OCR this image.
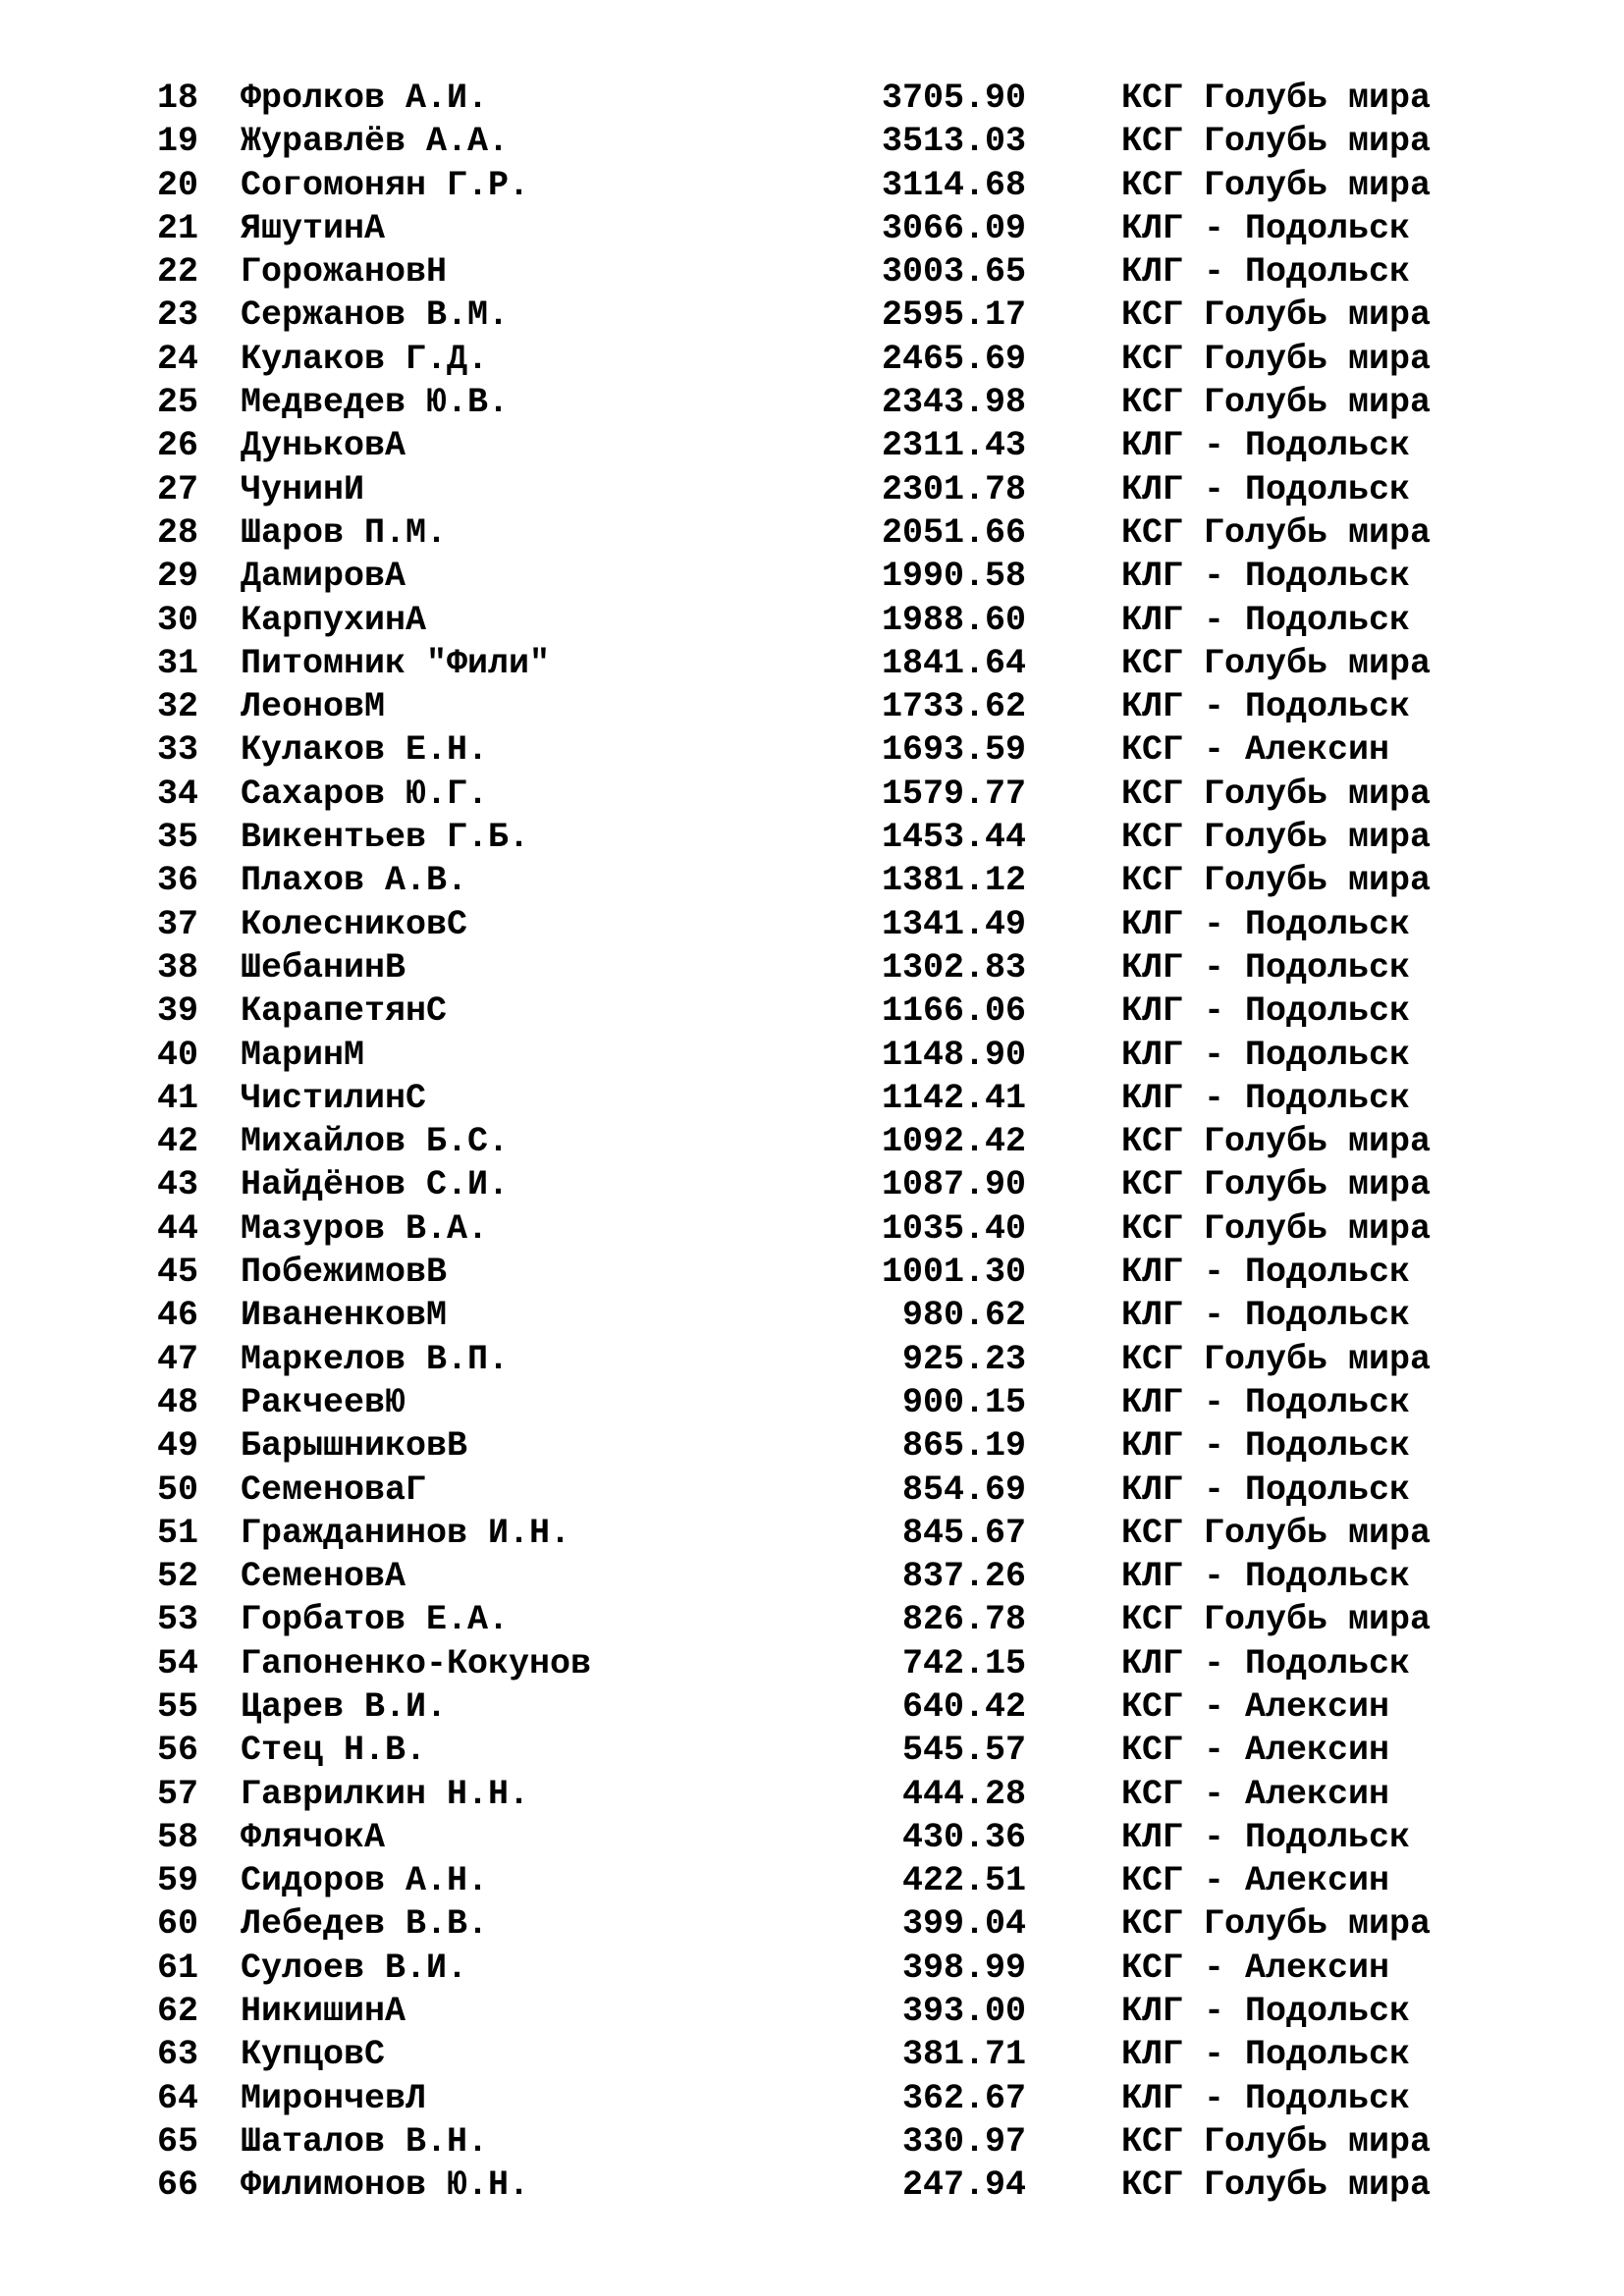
18 Фролков А.И.	3705.90	КСГ Голубь мира
19 Журавлёв А.А.	3513.03	КСГ Голубь мира
20 Согомонян Г.Р.	3114.68	КСГ Голубь мира
21 ЯшутинА	3066.09	КЛГ - Подольск
22 ГорожановН	3003.65	КЛГ - Подольск
23 Сержанов В.М.	2595.17	КСГ Голубь мира
24 Кулаков Г.Д.	2465.69	КСГ Голубь мира
25 Медведев Ю.В.	2343.98	КСГ Голубь мира
26 ДуньковА	2311.43	КЛГ - Подольск
27 ЧунинИ	2301.78	КЛГ - Подольск
28 Шаров П.М.	2051.66	КСГ Голубь мира
29 ДамировА	1990.58	КЛГ - Подольск
30 КарпухинА	1988.60	КЛГ - Подольск
31 Питомник "Фили"	1841.64	КСГ Голубь мира
32 ЛеоновМ	1733.62	КЛГ - Подольск
33 Кулаков Е.Н.	1693.59	КСГ - Алексин
34 Сахаров Ю.Г.	1579.77	КСГ Голубь мира
35 Викентьев Г.Б.	1453.44	КСГ Голубь мира
36 Плахов А.В.	1381.12	КСГ Голубь мира
37 КолесниковС	1341.49	КЛГ - Подольск
38 ШебанинВ	1302.83	КЛГ - Подольск
39 КарапетянС	1166.06	КЛГ - Подольск
40 МаринМ	1148.90	КЛГ - Подольск
41 ЧистилинС	1142.41	КЛГ - Подольск
42 Михайлов Б.С.	1092.42	КСГ Голубь мира
43 Найдёнов С.И.	1087.90	КСГ Голубь мира
44 Мазуров В.А.	1035.40	КСГ Голубь мира
45 ПобежимовВ	1001.30	КЛГ - Подольск
46 ИваненковМ	980.62	КЛГ - Подольск
47 Маркелов В.П.	925.23	КСГ Голубь мира
48 РакчеевЮ	900.15	КЛГ - Подольск
49 БарышниковВ	865.19	КЛГ - Подольск
50 СеменоваГ	854.69	КЛГ - Подольск
51 Гражданинов И.Н.	845.67	КСГ Голубь мира
52 СеменовА	837.26	КЛГ - Подольск
53 Горбатов Е.А.	826.78	КСГ Голубь мира
54 Гапоненко-Кокунов	742.15	КЛГ - Подольск
55 Царев В.И.	640.42	КСГ - Алексин
56 Стец Н.В.	545.57	КСГ - Алексин
57 Гаврилкин Н.Н.	444.28	КСГ - Алексин
58 ФлячокА	430.36	КЛГ - Подольск
59 Сидоров А.Н.	422.51	КСГ - Алексин
60 Лебедев В.В.	399.04	КСГ Голубь мира
61 Сулоев В.И.	398.99	КСГ - Алексин
62 НикишинА	393.00	КЛГ - Подольск
63 КупцовС	381.71	КЛГ - Подольск
64 МирончевЛ	362.67	КЛГ - Подольск
65 Шаталов В.Н.	330.97	КСГ Голубь мира
66 Филимонов Ю.Н.	247.94	КСГ Голубь мира
